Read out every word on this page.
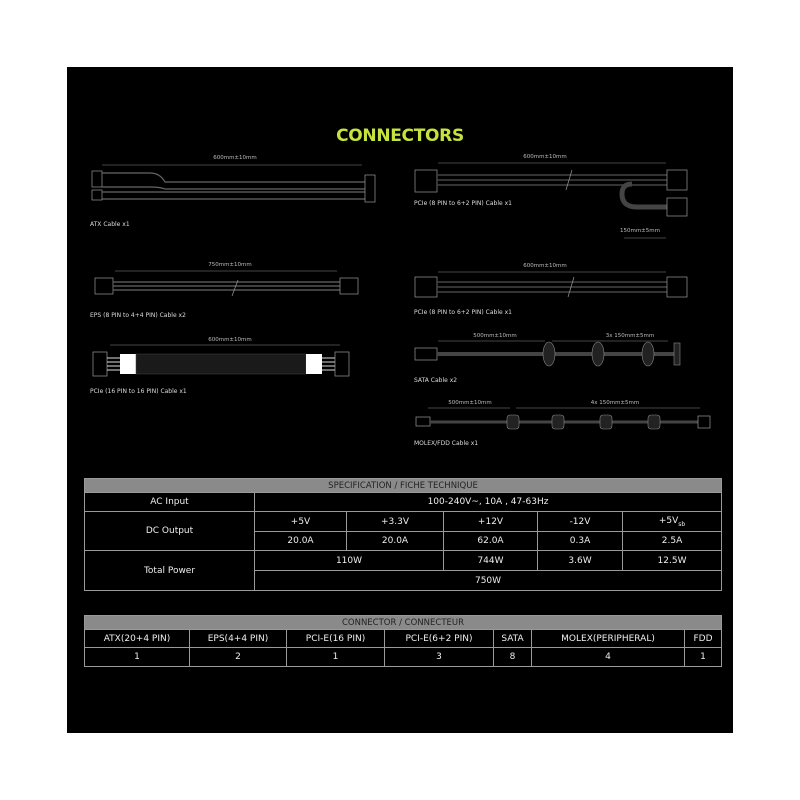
CONNECTORS
600mm±10mm
ATX Cable x1
750mm±10mm
EPS (8 PIN to 4+4 PIN) Cable x2
600mm±10mm
PCIe (16 PIN to 16 PIN) Cable x1
600mm±10mm
PCIe (8 PIN to 6+2 PIN) Cable x1
150mm±5mm
600mm±10mm
PCIe (8 PIN to 6+2 PIN) Cable x1
500mm±10mm	3x 150mm±5mm
SATA Cable x2
500mm±10mm	4x 150mm±5mm
MOLEX/FDD Cable x1
SPECIFICATION / FICHE TECHNIQUE					
AC Input	100-240V~, 10A , 47-63Hz				
DC Output	+5V	+3.3V	+12V	-12V	$+5V_{sb}$
	20.0A	20.0A	62.0A	0.3A	2.5A
Total Power	110W		744W	3.6W	12.5W
	750W				
CONNECTOR / CONNECTEUR						
ATX(20+4 PIN)	EPS(4+4 PIN)	PCI-E(16 PIN)	PCI-E(6+2 PIN)	SATA	MOLEX(PERIPHERAL)	FDD
1	2	1	3	8	4	1
